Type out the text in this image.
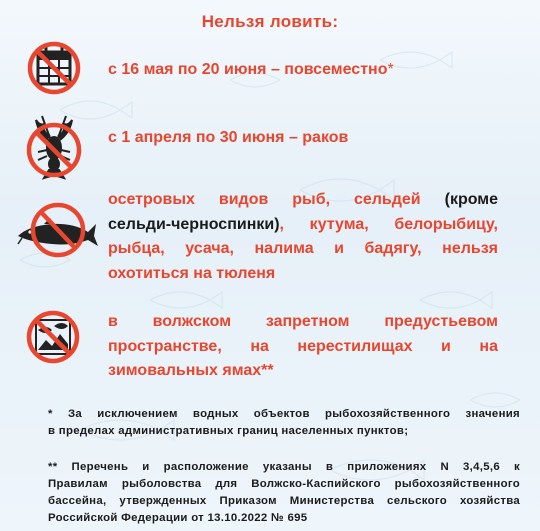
Нельзя ловить:
с 16 мая по 20 июня – повсеместно*
с 1 апреля по 30 июня – раков
осетровых видов рыб, сельдей (кроме
сельди-черноспинки), кутума, белорыбицу,
рыбца, усача, налима и бадягу, нельзя
охотиться на тюленя
в волжском запретном предустьевом
пространстве, на нерестилищах и на
зимовальных ямах**
* За исключением водных объектов рыбохозяйственного значения
в пределах административных границ населенных пунктов;
** Перечень и расположение указаны в приложениях N 3,4,5,6 к
Правилам рыболовства для Волжско-Каспийского рыбохозяйственного
бассейна, утвержденных Приказом Министерства сельского хозяйства
Российской Федерации от 13.10.2022 № 695
